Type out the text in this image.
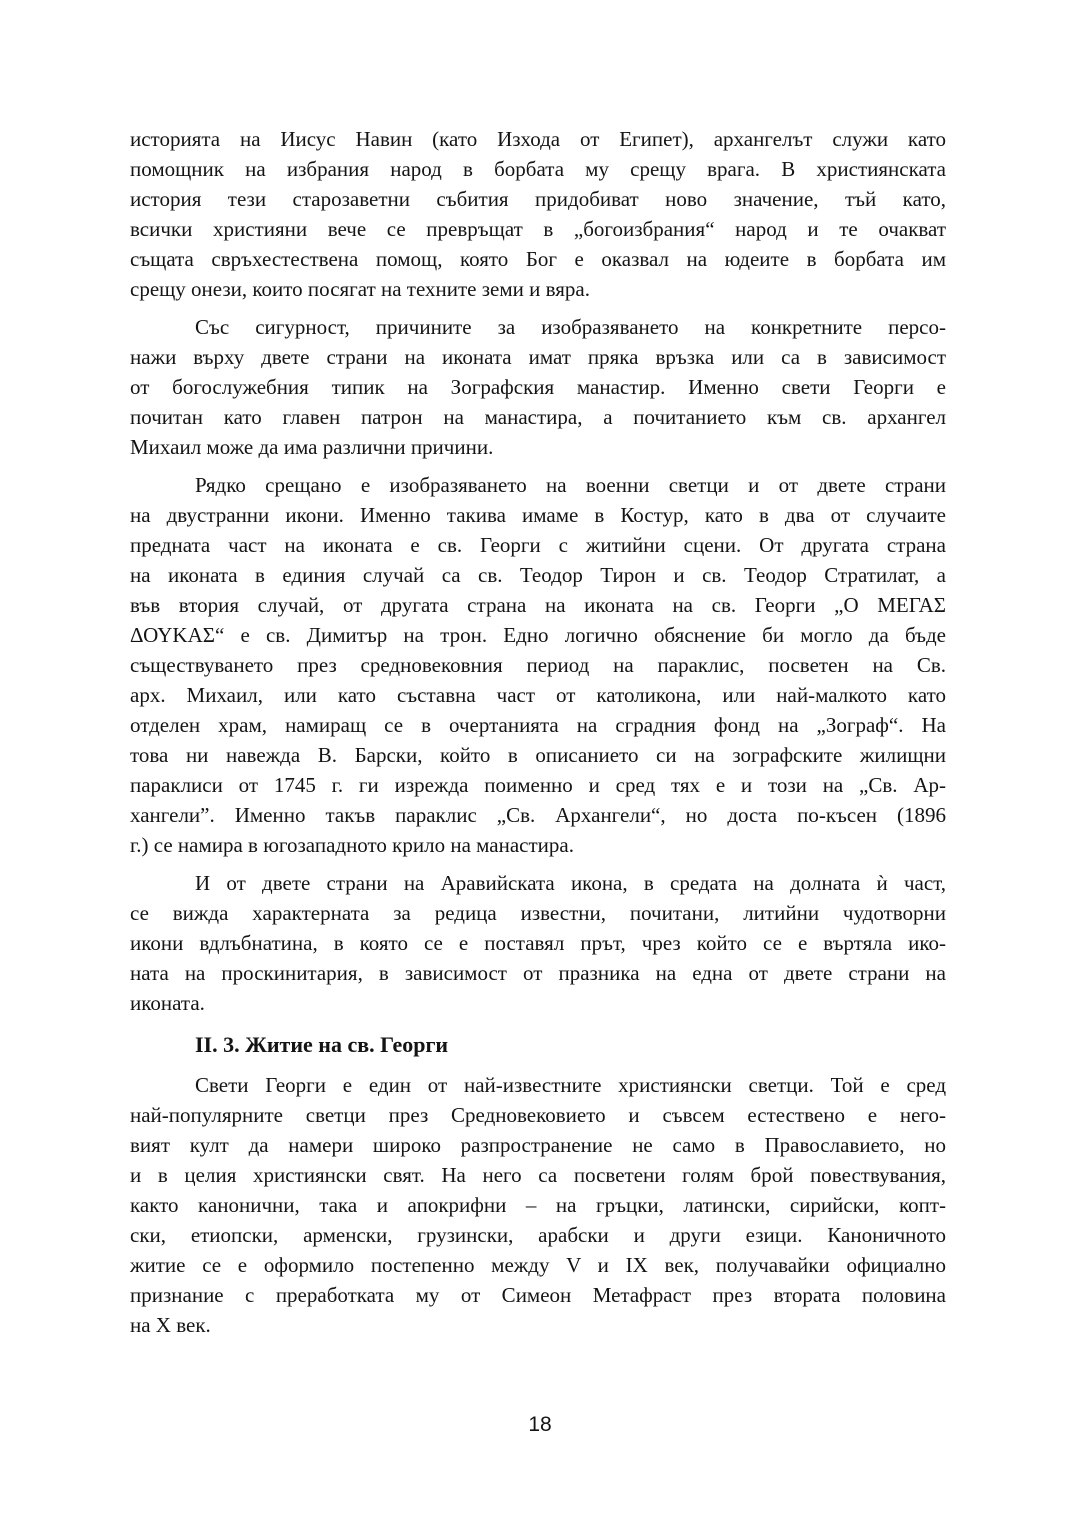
историята на Иисус Навин (като Изхода от Египет), архангелът служи като
помощник на избрания народ в борбата му срещу врага. В християнската
история тези старозаветни събития придобиват ново значение, тъй като,
всички християни вече се превръщат в „богоизбрания“ народ и те очакват
същата свръхестествена помощ, която Бог е оказвал на юдеите в борбата им
срещу онези, които посягат на техните земи и вяра.

Със сигурност, причините за изобразяването на конкретните персо-
нажи върху двете страни на иконата имат пряка връзка или са в зависимост
от богослужебния типик на Зографския манастир. Именно свети Георги е
почитан като главен патрон на манастира, а почитанието към св. архангел
Михаил може да има различни причини.

Рядко срещано е изобразяването на военни светци и от двете страни
на двустранни икони. Именно такива имаме в Костур, като в два от случаите
предната част на иконата е св. Георги с житийни сцени. От другата страна
на иконата в единия случай са св. Теодор Тирон и св. Теодор Стратилат, а
във втория случай, от другата страна на иконата на св. Георги „О МЕГАΣ
ΔΟΥΚΑΣ“ е св. Димитър на трон. Едно логично обяснение би могло да бъде
съществуването през средновековния период на параклис, посветен на Св.
арх. Михаил, или като съставна част от католикона, или най-малкото като
отделен храм, намиращ се в очертанията на сградния фонд на „Зограф“. На
това ни навежда В. Барски, който в описанието си на зографските жилищни
параклиси от 1745 г. ги изрежда поименно и сред тях е и този на „Св. Ар-
хангели”. Именно такъв параклис „Св. Архангели“, но доста по-късен (1896
г.) се намира в югозападното крило на манастира.

И от двете страни на Аравийската икона, в средата на долната ѝ част,
се вижда характерната за редица известни, почитани, литийни чудотворни
икони вдлъбнатина, в която се е поставял прът, чрез който се е въртяла ико-
ната на проскинитария, в зависимост от празника на една от двете страни на
иконата.

II. 3. Житие на св. Георги

Свети Георги е един от най-известните християнски светци. Той е сред
най-популярните светци през Средновековието и съвсем естествено е него-
вият култ да намери широко разпространение не само в Православието, но
и в целия християнски свят. На него са посветени голям брой повествувания,
както канонични, така и апокрифни – на гръцки, латински, сирийски, копт-
ски, етиопски, арменски, грузински, арабски и други езици. Каноничното
житие се е оформило постепенно между V и IX век, получавайки официално
признание с преработката му от Симеон Метафраст през втората половина
на X век.

18
